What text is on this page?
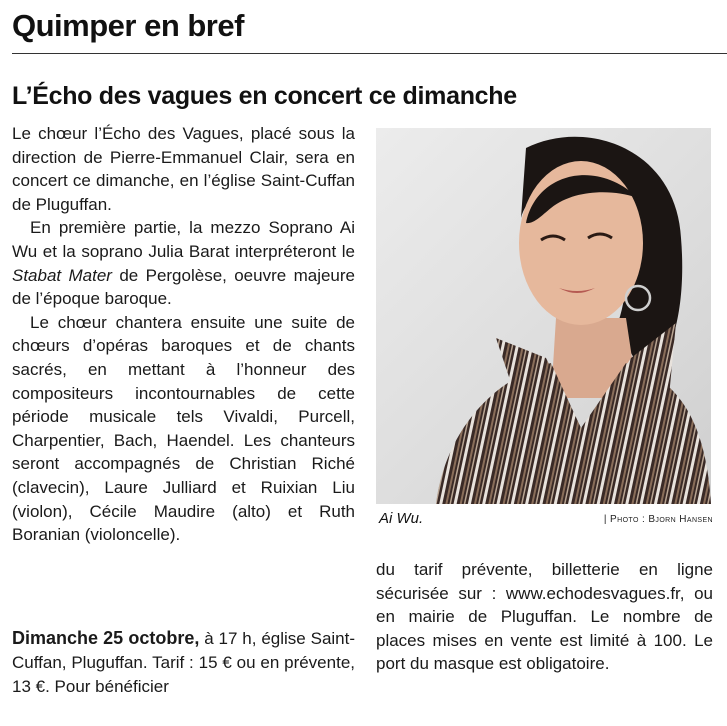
Quimper en bref
L’Écho des vagues en concert ce dimanche

Le chœur l’Écho des Vagues, placé sous la direction de Pierre-Emmanuel Clair, sera en concert ce dimanche, en l’église Saint-Cuffan de Pluguffan.

En première partie, la mezzo Soprano Ai Wu et la soprano Julia Barat interpréteront le Stabat Mater de Pergolèse, oeuvre majeure de l’époque baroque.

Le chœur chantera ensuite une suite de chœurs d’opéras baroques et de chants sacrés, en mettant à l’honneur des compositeurs incontournables de cette période musicale tels Vivaldi, Purcell, Charpentier, Bach, Haendel. Les chanteurs seront accompagnés de Christian Riché (clavecin), Laure Julliard et Ruixian Liu (violon), Cécile Maudire (alto) et Ruth Boranian (violoncelle).

Dimanche 25 octobre, à 17 h, église Saint-Cuffan, Pluguffan. Tarif : 15 € ou en prévente, 13 €. Pour bénéficier
Ai Wu.	| Photo : Bjorn Hansen
du tarif prévente, billetterie en ligne sécurisée sur : www.echodesvagues.fr, ou en mairie de Pluguffan. Le nombre de places mises en vente est limité à 100. Le port du masque est obligatoire.
